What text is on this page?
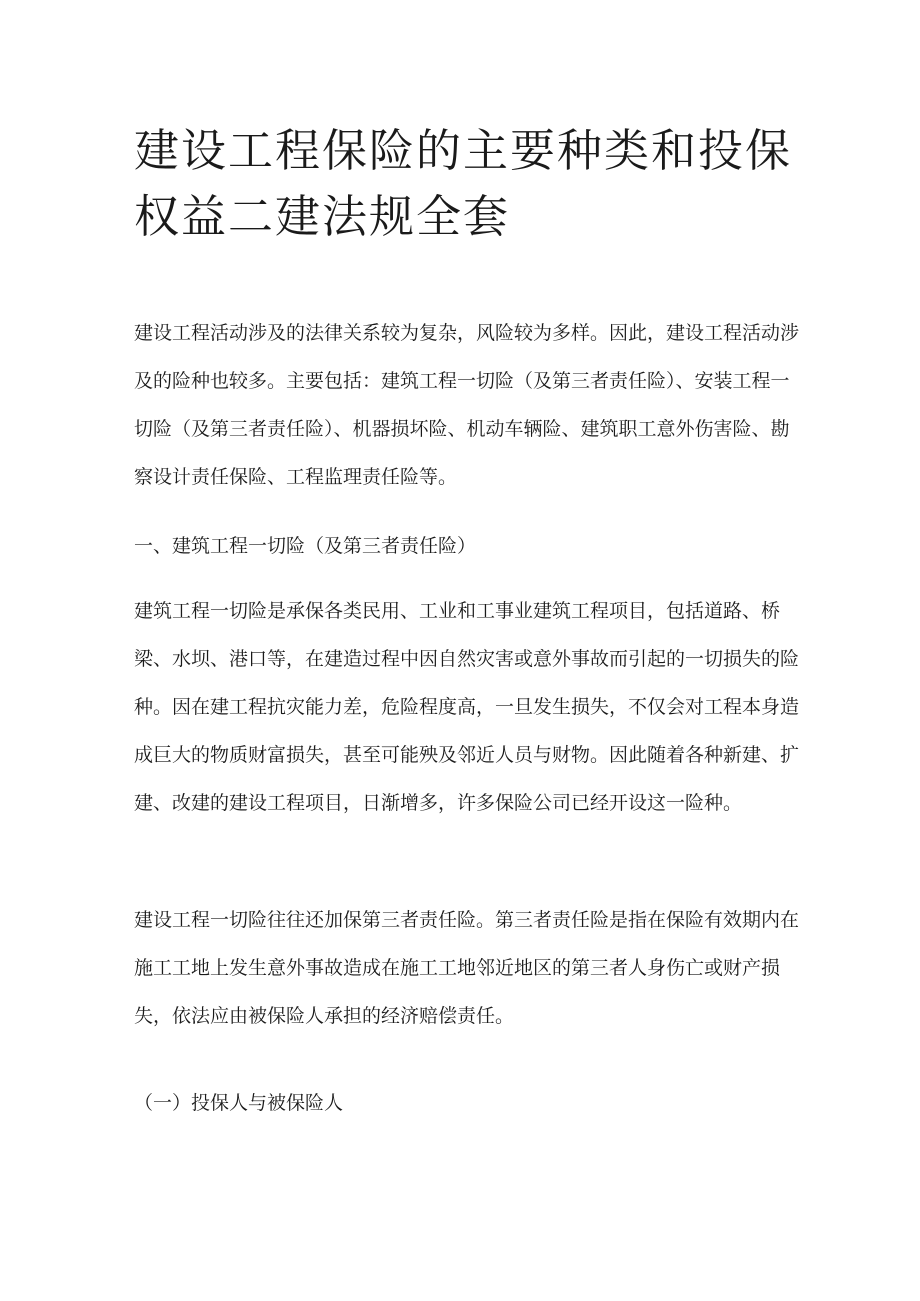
建设工程保险的主要种类和投保权益二建法规全套

建设工程活动涉及的法律关系较为复杂，风险较为多样。因此，建设工程活动涉及的险种也较多。主要包括：建筑工程一切险（及第三者责任险）、安装工程一切险（及第三者责任险）、机器损坏险、机动车辆险、建筑职工意外伤害险、勘察设计责任保险、工程监理责任险等。

一、建筑工程一切险（及第三者责任险）

建筑工程一切险是承保各类民用、工业和工事业建筑工程项目，包括道路、桥梁、水坝、港口等，在建造过程中因自然灾害或意外事故而引起的一切损失的险种。因在建工程抗灾能力差，危险程度高，一旦发生损失，不仅会对工程本身造成巨大的物质财富损失，甚至可能殃及邻近人员与财物。因此随着各种新建、扩建、改建的建设工程项目，日渐增多，许多保险公司已经开设这一险种。

建设工程一切险往往还加保第三者责任险。第三者责任险是指在保险有效期内在施工工地上发生意外事故造成在施工工地邻近地区的第三者人身伤亡或财产损失，依法应由被保险人承担的经济赔偿责任。

（一）投保人与被保险人
